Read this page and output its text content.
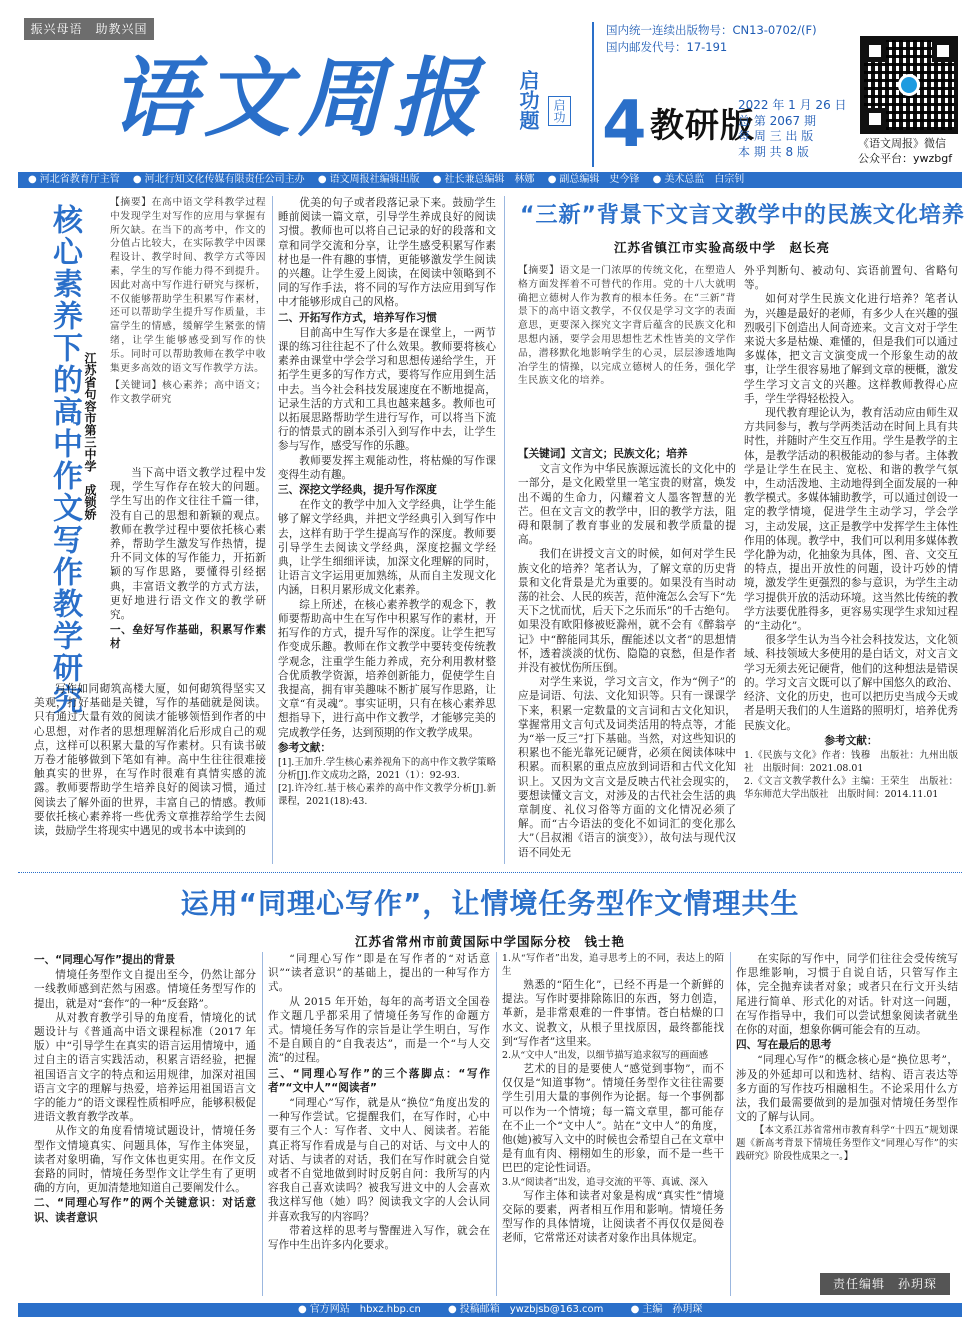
振兴母语　助教兴国
语文周报	启功题	启功
国内统一连续出版物号：CN13-0702/(F)
国内邮发代号：17-191
4 教研版
2022 年 1 月 26 日
总 第 2067 期
每 周 三 出 版
本 期 共 8 版
《语文周报》微信
公众平台：ywzbgf
● 河北省教育厅主管 ● 河北行知文化传媒有限责任公司主办 ● 语文周报社编辑出版 ● 社长兼总编辑　林娜 ● 副总编辑　史今锋 ● 美术总监　白宗钊
核心素养下的高中作文写作教学研究 江苏省句容市第三中学　成锁娇
【摘要】在高中语文学科教学过程中发现学生对写作的应用与掌握有所欠缺。在当下的高考中，作文的分值占比较大，在实际教学中因课程设计、教学时间、教学方式等因素，学生的写作能力得不到提升。因此对高中写作进行研究与探析，不仅能够帮助学生积累写作素材，还可以帮助学生提升写作质量，丰富学生的情感，缓解学生紧张的情绪，让学生能够感受到写作的快乐。同时可以帮助教师在教学中收集更多高效的语文写作教学方法。
【关键词】核心素养；高中语文；作文教学研究

当下高中语文教学过程中发现，学生写作存在较大的问题。学生写出的作文往往千篇一律，没有自己的思想和新颖的观点。教师在教学过程中要依托核心素养，帮助学生激发写作热情，提升不同文体的写作能力，开拓新颖的写作思路，要懂得引经据典，丰富语文教学的方式方法，更好地进行语文作文的教学研究。

一、垒好写作基础，积累写作素材

写作如同砌筑高楼大厦，如何砌筑得坚实又美观，打好基础是关键，写作的基础就是阅读。只有通过大量有效的阅读才能够领悟到作者的中心思想，对作者的思想理解消化后形成自己的观点，这样可以积累大量的写作素材。只有读书破万卷才能够做到下笔如有神。高中生往往很难接触真实的世界，在写作时很难有真情实感的流露。教师要帮助学生培养良好的阅读习惯，通过阅读去了解外面的世界，丰富自己的情感。教师要依托核心素养将一些优秀文章推荐给学生去阅读，鼓励学生将现实中遇见的或书本中读到的

优美的句子或者段落记录下来。鼓励学生睡前阅读一篇文章，引导学生养成良好的阅读习惯。教师也可以将自己记录的好的段落和文章和同学交流和分享，让学生感受积累写作素材也是一件有趣的事情，更能够激发学生阅读的兴趣。让学生爱上阅读，在阅读中领略到不同的写作手法，将不同的写作方法应用到写作中才能够形成自己的风格。

二、开拓写作方式，培养写作习惯

目前高中生写作大多是在课堂上，一两节课的练习往往起不了什么效果。教师要将核心素养由课堂中学会学习和思想传递给学生，开拓学生更多的写作方式，要将写作应用到生活中去。当今社会科技发展速度在不断地提高，记录生活的方式和工具也越来越多。教师也可以拓展思路帮助学生进行写作，可以将当下流行的情景式的剧本杀引入到写作中去，让学生参与写作，感受写作的乐趣。

教师要发挥主观能动性，将枯燥的写作课变得生动有趣。

三、深挖文学经典，提升写作深度

在作文的教学中加入文学经典，让学生能够了解文学经典，并把文学经典引入到写作中去，这样有助于学生提高写作的深度。教师要引导学生去阅读文学经典，深度挖掘文学经典，让学生细细评读，加深文化理解的同时，让语言文字运用更加熟练，从而自主发现文化内涵，日积月累形成文化素养。

综上所述，在核心素养教学的观念下，教师要帮助高中生在写作中积累写作的素材，开拓写作的方式，提升写作的深度。让学生把写作变成乐趣。教师在作文教学中要转变传统教学观念，注重学生能力养成，充分利用教材整合优质教学资源，培养创新能力，促使学生自我提高，拥有审美趣味不断扩展写作思路，让文章“有灵魂”。事实证明，只有在核心素养思想指导下，进行高中作文教学，才能够完美的完成教学任务，达到预期的作文教学成果。

参考文献：

[1].王加升.学生核心素养视角下的高中作文教学策略分析[J].作文成功之路，2021（1）：92-93.

[2].许冷红.基于核心素养的高中作文教学分析[J].新课程，2021(18):43.

“三新”背景下文言文教学中的民族文化培养
江苏省镇江市实验高级中学　赵长亮
【摘要】语文是一门浓厚的传统文化，在塑造人格方面发挥着不可替代的作用。党的十八大就明确把立德树人作为教育的根本任务。在“三新”背景下的高中语文教学，不仅仅是学习文字的表面意思，更要深入探究文字背后蕴含的民族文化和思想内涵，要学会用思想性艺术性皆美的文学作品，潜移默化地影响学生的心灵，层层渗透地陶冶学生的情操，以完成立德树人的任务，强化学生民族文化的培养。

【关键词】文言文；民族文化；培养

文言文作为中华民族源远流长的文化中的一部分，是文化殿堂里一笔宝贵的财富，焕发出不竭的生命力，闪耀着文人墨客智慧的光芒。但在文言文的教学中，旧的教学方法，阻碍和限制了教育事业的发展和教学质量的提高。

我们在讲授文言文的时候，如何对学生民族文化的培养？笔者认为，了解文章的历史背景和文化背景是尤为重要的。如果没有当时动荡的社会、人民的疾苦，范仲淹怎么会写下“先天下之忧而忧，后天下之乐而乐”的千古绝句。如果没有欧阳修被贬滁州，就不会有《醉翁亭记》中“醉能同其乐，醒能述以文者”的思想情怀，透着淡淡的忧伤、隐隐的哀愁，但是作者并没有被忧伤所压倒。

对学生来说，学习文言文，作为“例子”的应是词语、句法、文化知识等。只有一课课学下来，积累一定数量的文言词和古文化知识，掌握常用文言句式及词类活用的特点等，才能为“举一反三”打下基础。当然，对这些知识的积累也不能光靠死记硬背，必须在阅读体味中积累。而积累的重点应放到词语和古代文化知识上。又因为文言文是反映古代社会现实的，要想读懂文言文，对涉及的古代社会生活的典章制度、礼仪习俗等方面的文化情况必须了解。而“古今语法的变化不如词汇的变化那么大”（吕叔湘《语言的演变》），故句法与现代汉语不同处无

外乎判断句、被动句、宾语前置句、省略句等。

如何对学生民族文化进行培养？笔者认为，兴趣是最好的老师，有多少人在兴趣的强烈吸引下创造出人间奇迹来。文言文对于学生来说大多是枯燥、难懂的，但是我们可以通过多媒体，把文言文演变成一个形象生动的故事，让学生很容易地了解到文章的梗概，激发学生学习文言文的兴趣。这样教师教得心应手，学生学得轻松投入。

现代教育理论认为，教育活动应由师生双方共同参与，教与学两类活动在时间上具有共时性，并随时产生交互作用。学生是教学的主体，是教学活动的积极能动的参与者。主体教学是让学生在民主、宽松、和谐的教学气氛中，生动活泼地、主动地得到全面发展的一种教学模式。多媒体辅助教学，可以通过创设一定的教学情境，促进学生主动学习，学会学习，主动发展，这正是教学中发挥学生主体性作用的体现。教学中，我们可以利用多媒体教学化静为动，化抽象为具体，图、音、文交互的特点，提出开放性的问题，设计巧妙的情境，激发学生更强烈的参与意识，为学生主动学习提供开放的活动环境。这当然比传统的教学方法要优胜得多，更容易实现学生求知过程的“主动化”。

很多学生认为当今社会科技发达，文化领域、科技领域大多使用的是白话文，对文言文学习无须去死记硬背，他们的这种想法是错误的。学习文言文既可以了解中国悠久的政治、经济、文化的历史，也可以把历史当成今天或者是明天我们的人生道路的照明灯，培养优秀民族文化。

参考文献：

1.《民族与文化》作者：钱穆　出版社：九州出版社　出版时间：2021.08.01

2.《文言文教学教什么》主编：王荣生　出版社：华东师范大学出版社　出版时间：2014.11.01

运用“同理心写作”，让情境任务型作文情理共生
江苏省常州市前黄国际中学国际分校　钱士艳

一、“同理心写作”提出的背景

情境任务型作文自提出至今，仍然让部分一线教师感到茫然与困惑。情境任务型写作的提出，就是对“套作”的一种“反套路”。

从对教育教学引导的角度看，情境化的试题设计与《普通高中语文课程标准（2017 年版）中“引导学生在真实的语言运用情境中，通过自主的语言实践活动，积累言语经验，把握祖国语言文字的特点和运用规律，加深对祖国语言文字的理解与热爱，培养运用祖国语言文字的能力”的语文课程性质相呼应，能够积极促进语文教育教学改革。

从作文的角度看情境试题设计，情境任务型作文情境真实、问题具体，写作主体突显，读者对象明确，写作文体也更实用。在作文反套路的同时，情境任务型作文让学生有了更明确的方向，更加清楚地知道自己要阐发什么。

二、“同理心写作”的两个关键意识：对话意识、读者意识

“同理心写作”即是在写作者的“对话意识”“读者意识”的基础上，提出的一种写作方式。

从 2015 年开始，每年的高考语文全国卷作文题几乎都采用了情境任务写作的命题方式。情境任务写作的宗旨是让学生明白，写作不是自顾自的“自我表达”，而是一个“与人交流”的过程。

三、“同理心写作”的三个落脚点：“写作者”“文中人”“阅读者”

“同理心”写作，就是从“换位”角度出发的一种写作尝试。它提醒我们，在写作时，心中要有三个人：写作者、文中人、阅读者。若能真正将写作看成是与自己的对话、与文中人的对话、与读者的对话，我们在写作时就会自觉或者不自觉地做到时时反躬自问：我所写的内容我自己喜欢读吗？被我写进文中的人会喜欢我这样写他（她）吗？阅读我文字的人会认同并喜欢我写的内容吗？

带着这样的思考与警醒进入写作，就会在写作中生出许多内化要求。

1.从“写作者”出发，追寻思考上的不同，表达上的陌生

熟悉的“陌生化”，已经不再是一个新鲜的提法。写作时要排除陈旧的东西，努力创造，革新，是非常艰难的一件事情。苍白枯燥的口水文、说教文，从根子里找原因，最终都能找到“写作者”这里来。

2.从“文中人”出发，以细节描写追求叙写的画面感

艺术的目的是要使人“感觉到事物”，而不仅仅是“知道事物”。情境任务型作文往往需要学生引用大量的事例作为论据。每一个事例都可以作为一个情境；每一篇文章里，都可能存在不止一个“文中人”。站在“文中人”的角度，他(她)被写入文中的时候也会希望自己在文章中是有血有肉、栩栩如生的形象，而不是一些干巴巴的定论性词语。

3.从“阅读者”出发，追寻交流的平等、真诚、深入

写作主体和读者对象是构成“真实性”情境交际的要素，两者相互作用和影响。情境任务型写作的具体情境，让阅读者不再仅仅是阅卷老师，它常常还对读者对象作出具体规定。

在实际的写作中，同学们往往会受传统写作思维影响，习惯于自说自话，只管写作主体，完全抛弃读者对象；或者只在行文开头结尾进行简单、形式化的对话。针对这一问题，在写作指导中，我们可以尝试想象阅读者就坐在你的对面，想象你俩可能会有的互动。

四、写在最后的思考

“同理心写作”的概念核心是“换位思考”，涉及的外延却可以和选材、结构、语言表达等多方面的写作技巧相融相生。不论采用什么方法，我们最需要做到的是加强对情境任务型作文的了解与认同。

【本文系江苏省常州市教育科学“十四五”规划课题《新高考背景下情境任务型作文“同理心写作”的实践研究》阶段性成果之一。】

责任编辑　孙玥琛
● 官方网站　hbxz.hbp.cn	● 投稿邮箱　ywzbjsb@163.com	● 主编　孙玥琛
